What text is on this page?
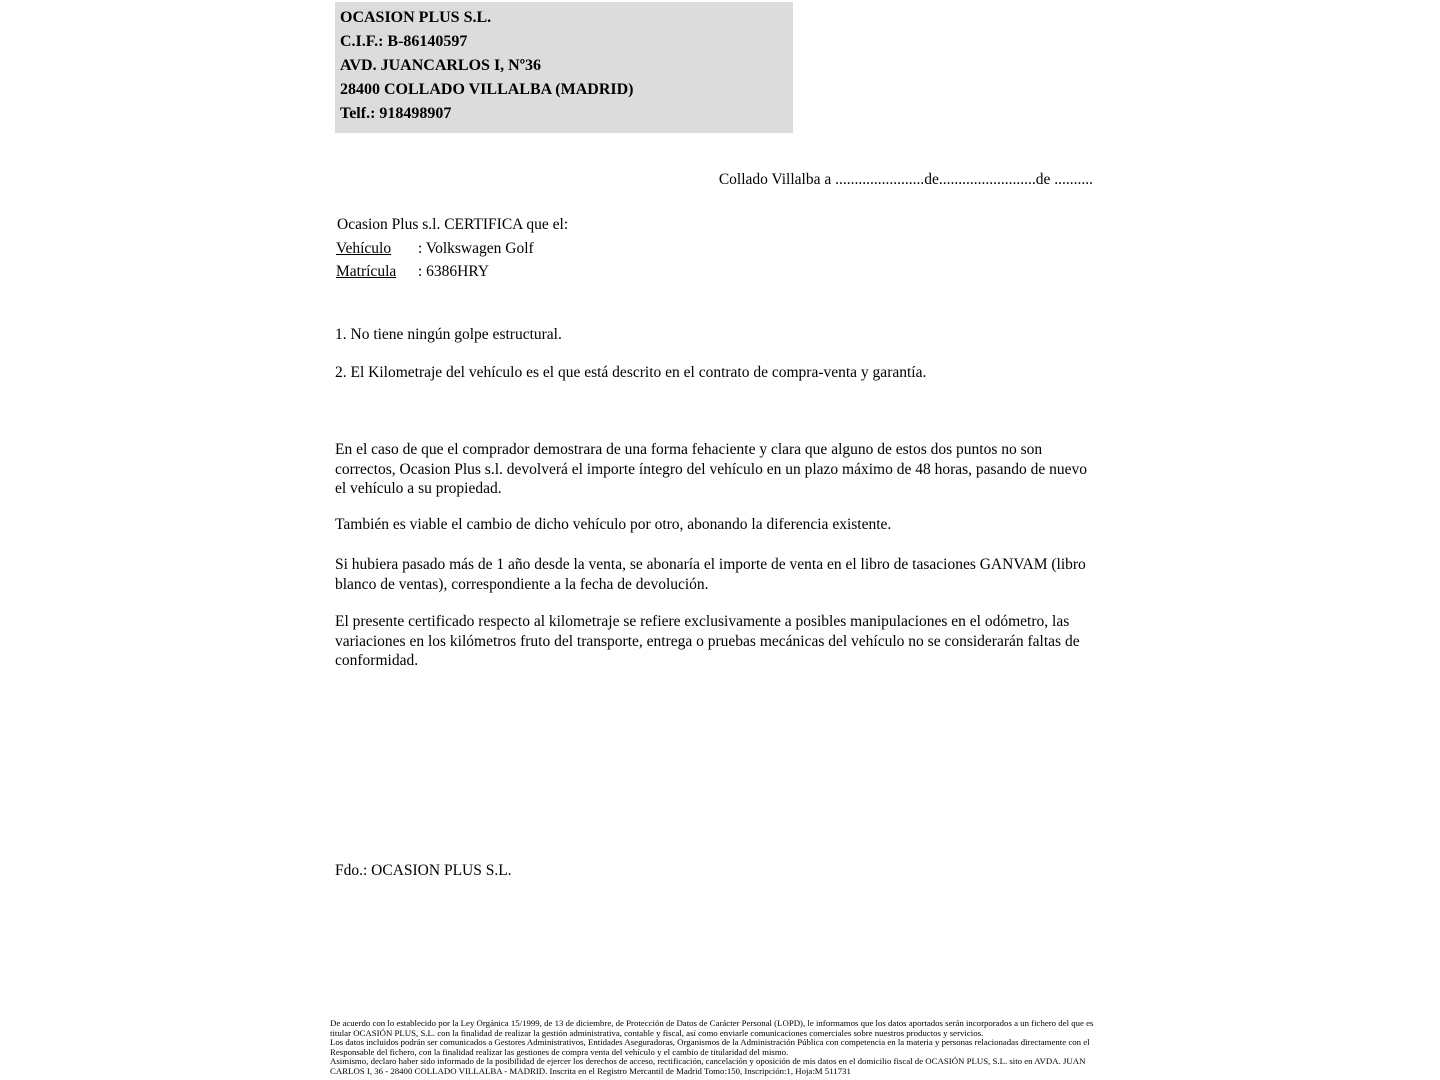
OCASION PLUS S.L.
C.I.F.: B-86140597
AVD. JUANCARLOS I, Nº36
28400 COLLADO VILLALBA (MADRID)
Telf.: 918498907
Collado Villalba a .......................de.........................de ..........
Ocasion Plus s.l. CERTIFICA que el:
Vehículo	: Volkswagen Golf
Matrícula	: 6386HRY
1. No tiene ningún golpe estructural.
2. El Kilometraje del vehículo es el que está descrito en el contrato de compra-venta y garantía.
En el caso de que el comprador demostrara de una forma fehaciente y clara que alguno de estos dos puntos no son correctos, Ocasion Plus s.l. devolverá el importe íntegro del vehículo en un plazo máximo de 48 horas, pasando de nuevo el vehículo a su propiedad.
También es viable el cambio de dicho vehículo por otro, abonando la diferencia existente.
Si hubiera pasado más de 1 año desde la venta, se abonaría el importe de venta en el libro de tasaciones GANVAM (libro blanco de ventas), correspondiente a la fecha de devolución.
El presente certificado respecto al kilometraje se refiere exclusivamente a posibles manipulaciones en el odómetro, las variaciones en los kilómetros fruto del transporte, entrega o pruebas mecánicas del vehículo no se considerarán faltas de conformidad.
Fdo.: OCASION PLUS S.L.

De acuerdo con lo establecido por la Ley Orgánica 15/1999, de 13 de diciembre, de Protección de Datos de Carácter Personal (LOPD), le informamos que los datos aportados serán incorporados a un fichero del que es titular OCASIÓN PLUS, S.L. con la finalidad de realizar la gestión administrativa, contable y fiscal, así como enviarle comunicaciones comerciales sobre nuestros productos y servicios.

Los datos incluidos podrán ser comunicados a Gestores Administrativos, Entidades Aseguradoras, Organismos de la Administración Pública con competencia en la materia y personas relacionadas directamente con el Responsable del fichero, con la finalidad realizar las gestiones de compra venta del vehículo y el cambio de titularidad del mismo.

Asimismo, declaro haber sido informado de la posibilidad de ejercer los derechos de acceso, rectificación, cancelación y oposición de mis datos en el domicilio fiscal de OCASIÓN PLUS, S.L. sito en AVDA. JUAN CARLOS I, 36 - 28400 COLLADO VILLALBA - MADRID. Inscrita en el Registro Mercantil de Madrid Tomo:150, Inscripción:1, Hoja:M 511731
